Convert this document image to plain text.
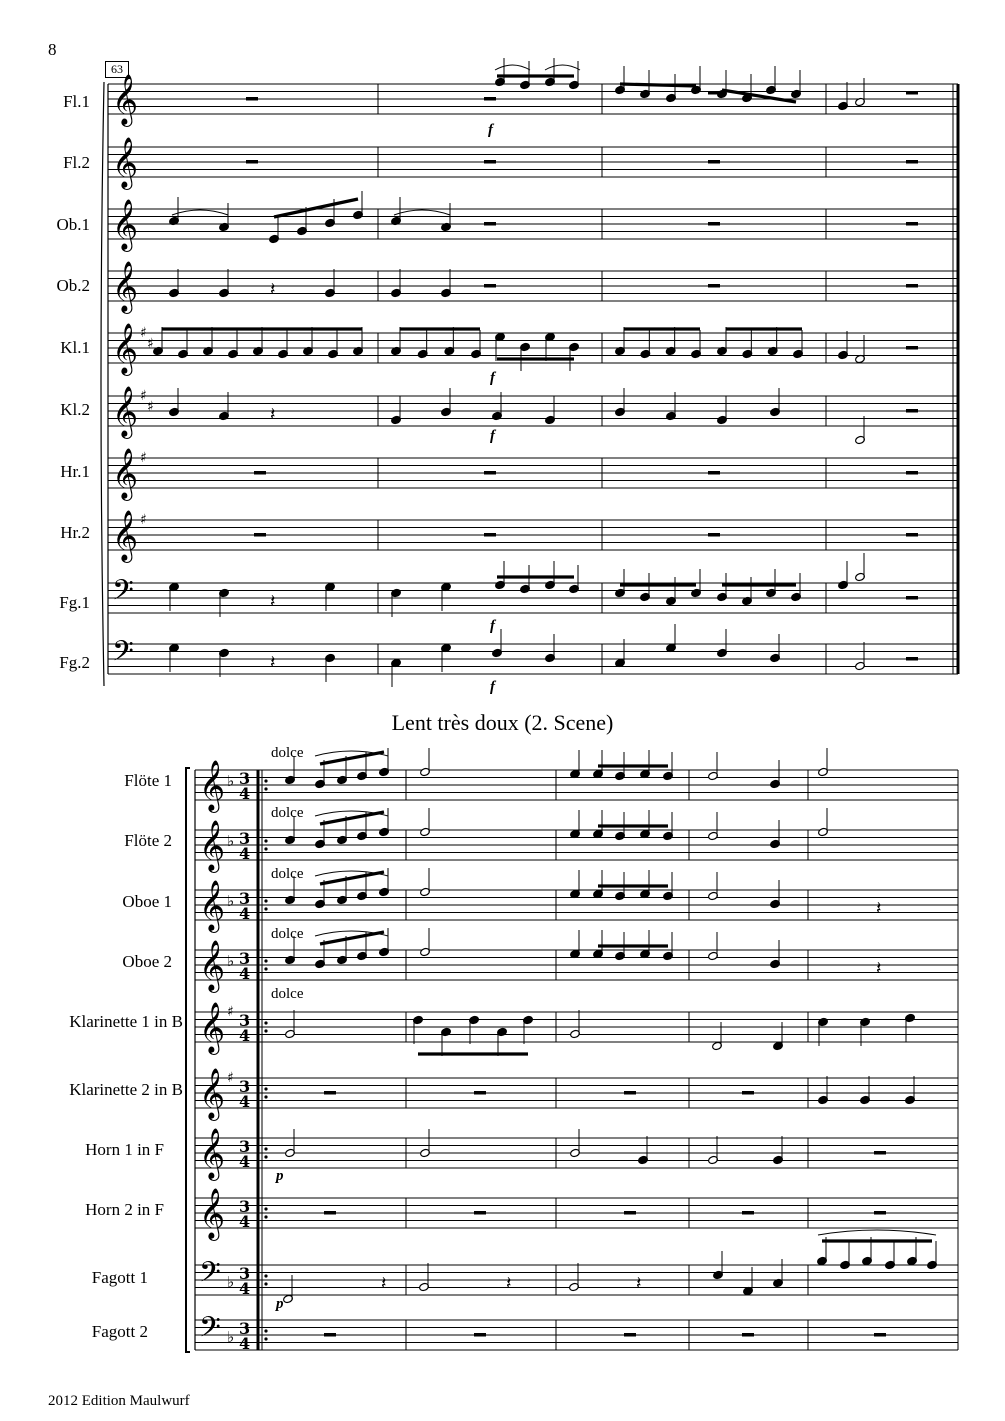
𝄞
𝄞
𝄞
𝄞
𝄞 ♯
♯
𝄞 ♯
♯
𝄞 ♯
𝄞 ♯
𝄢
𝄢
𝄞 ♭ 3
4
𝄞 ♭ 3
4
𝄞 ♭ 3
4
𝄞 ♭ 3
4
𝄞 ♯ 3
4
𝄞 ♯ 3
4
𝄞 3
4
𝄞 3
4
𝄢 ♭ 3
4
𝄢 ♭ 3
4
𝄽
𝄽
𝄽
𝄽
𝄽
𝄽
𝄽	𝄽	𝄽
8
63
Fl.1
Fl.2
Ob.1
Ob.2
Kl.1
Kl.2
Hr.1
Hr.2
Fg.1
Fg.2
f
f
f
f
f
Lent très doux (2. Scene)
Flöte 1
Flöte 2
Oboe 1
Oboe 2
Klarinette 1 in B
Klarinette 2 in B
Horn 1 in F
Horn 2 in F
Fagott 1
Fagott 2
dolce
dolce
dolce
dolce
dolce
p
p
2012 Edition Maulwurf
